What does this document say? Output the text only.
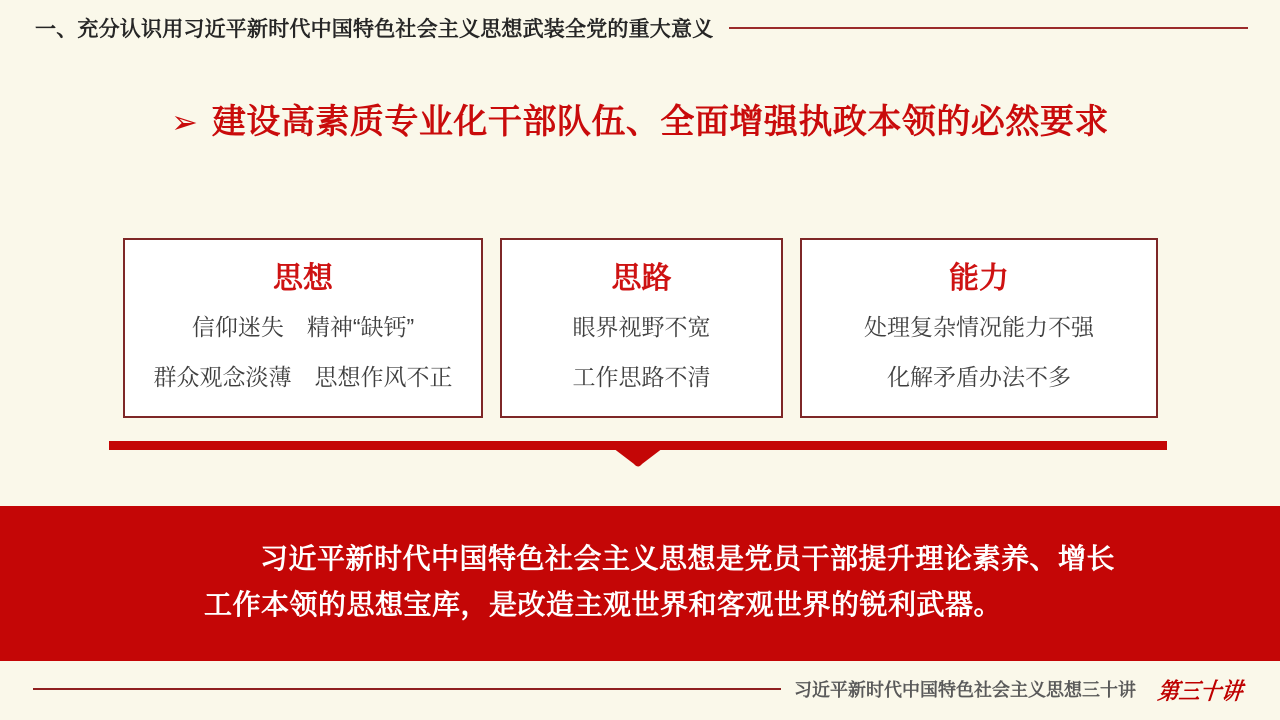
一、充分认识用习近平新时代中国特色社会主义思想武装全党的重大意义
➢ 建设高素质专业化干部队伍、全面增强执政本领的必然要求
思想
信仰迷失　精神“缺钙”
群众观念淡薄　思想作风不正
思路
眼界视野不宽
工作思路不清
能力
处理复杂情况能力不强
化解矛盾办法不多
习近平新时代中国特色社会主义思想是党员干部提升理论素养、增长
工作本领的思想宝库，是改造主观世界和客观世界的锐利武器。
习近平新时代中国特色社会主义思想三十讲 第三十讲
